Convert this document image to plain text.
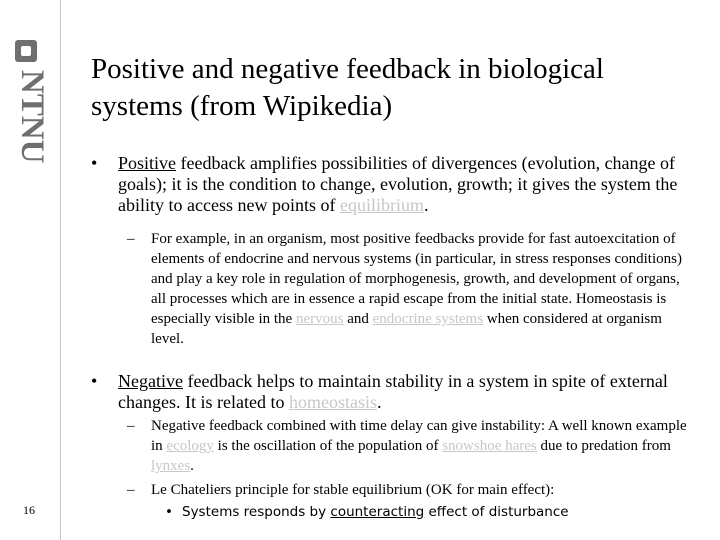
NTNU
16
Positive and negative feedback in biological systems (from Wipikedia)
• Positive feedback amplifies possibilities of divergences (evolution, change of goals); it is the condition to change, evolution, growth; it gives the system the ability to access new points of equilibrium.
– For example, in an organism, most positive feedbacks provide for fast autoexcitation of elements of endocrine and nervous systems (in particular, in stress responses conditions) and play a key role in regulation of morphogenesis, growth, and development of organs, all processes which are in essence a rapid escape from the initial state. Homeostasis is especially visible in the nervous and endocrine systems when considered at organism level.
• Negative feedback helps to maintain stability in a system in spite of external changes. It is related to homeostasis.
– Negative feedback combined with time delay can give instability: A well known example in ecology is the oscillation of the population of snowshoe hares due to predation from lynxes.
– Le Chateliers principle for stable equilibrium (OK for main effect):
• Systems responds by counteracting effect of disturbance
